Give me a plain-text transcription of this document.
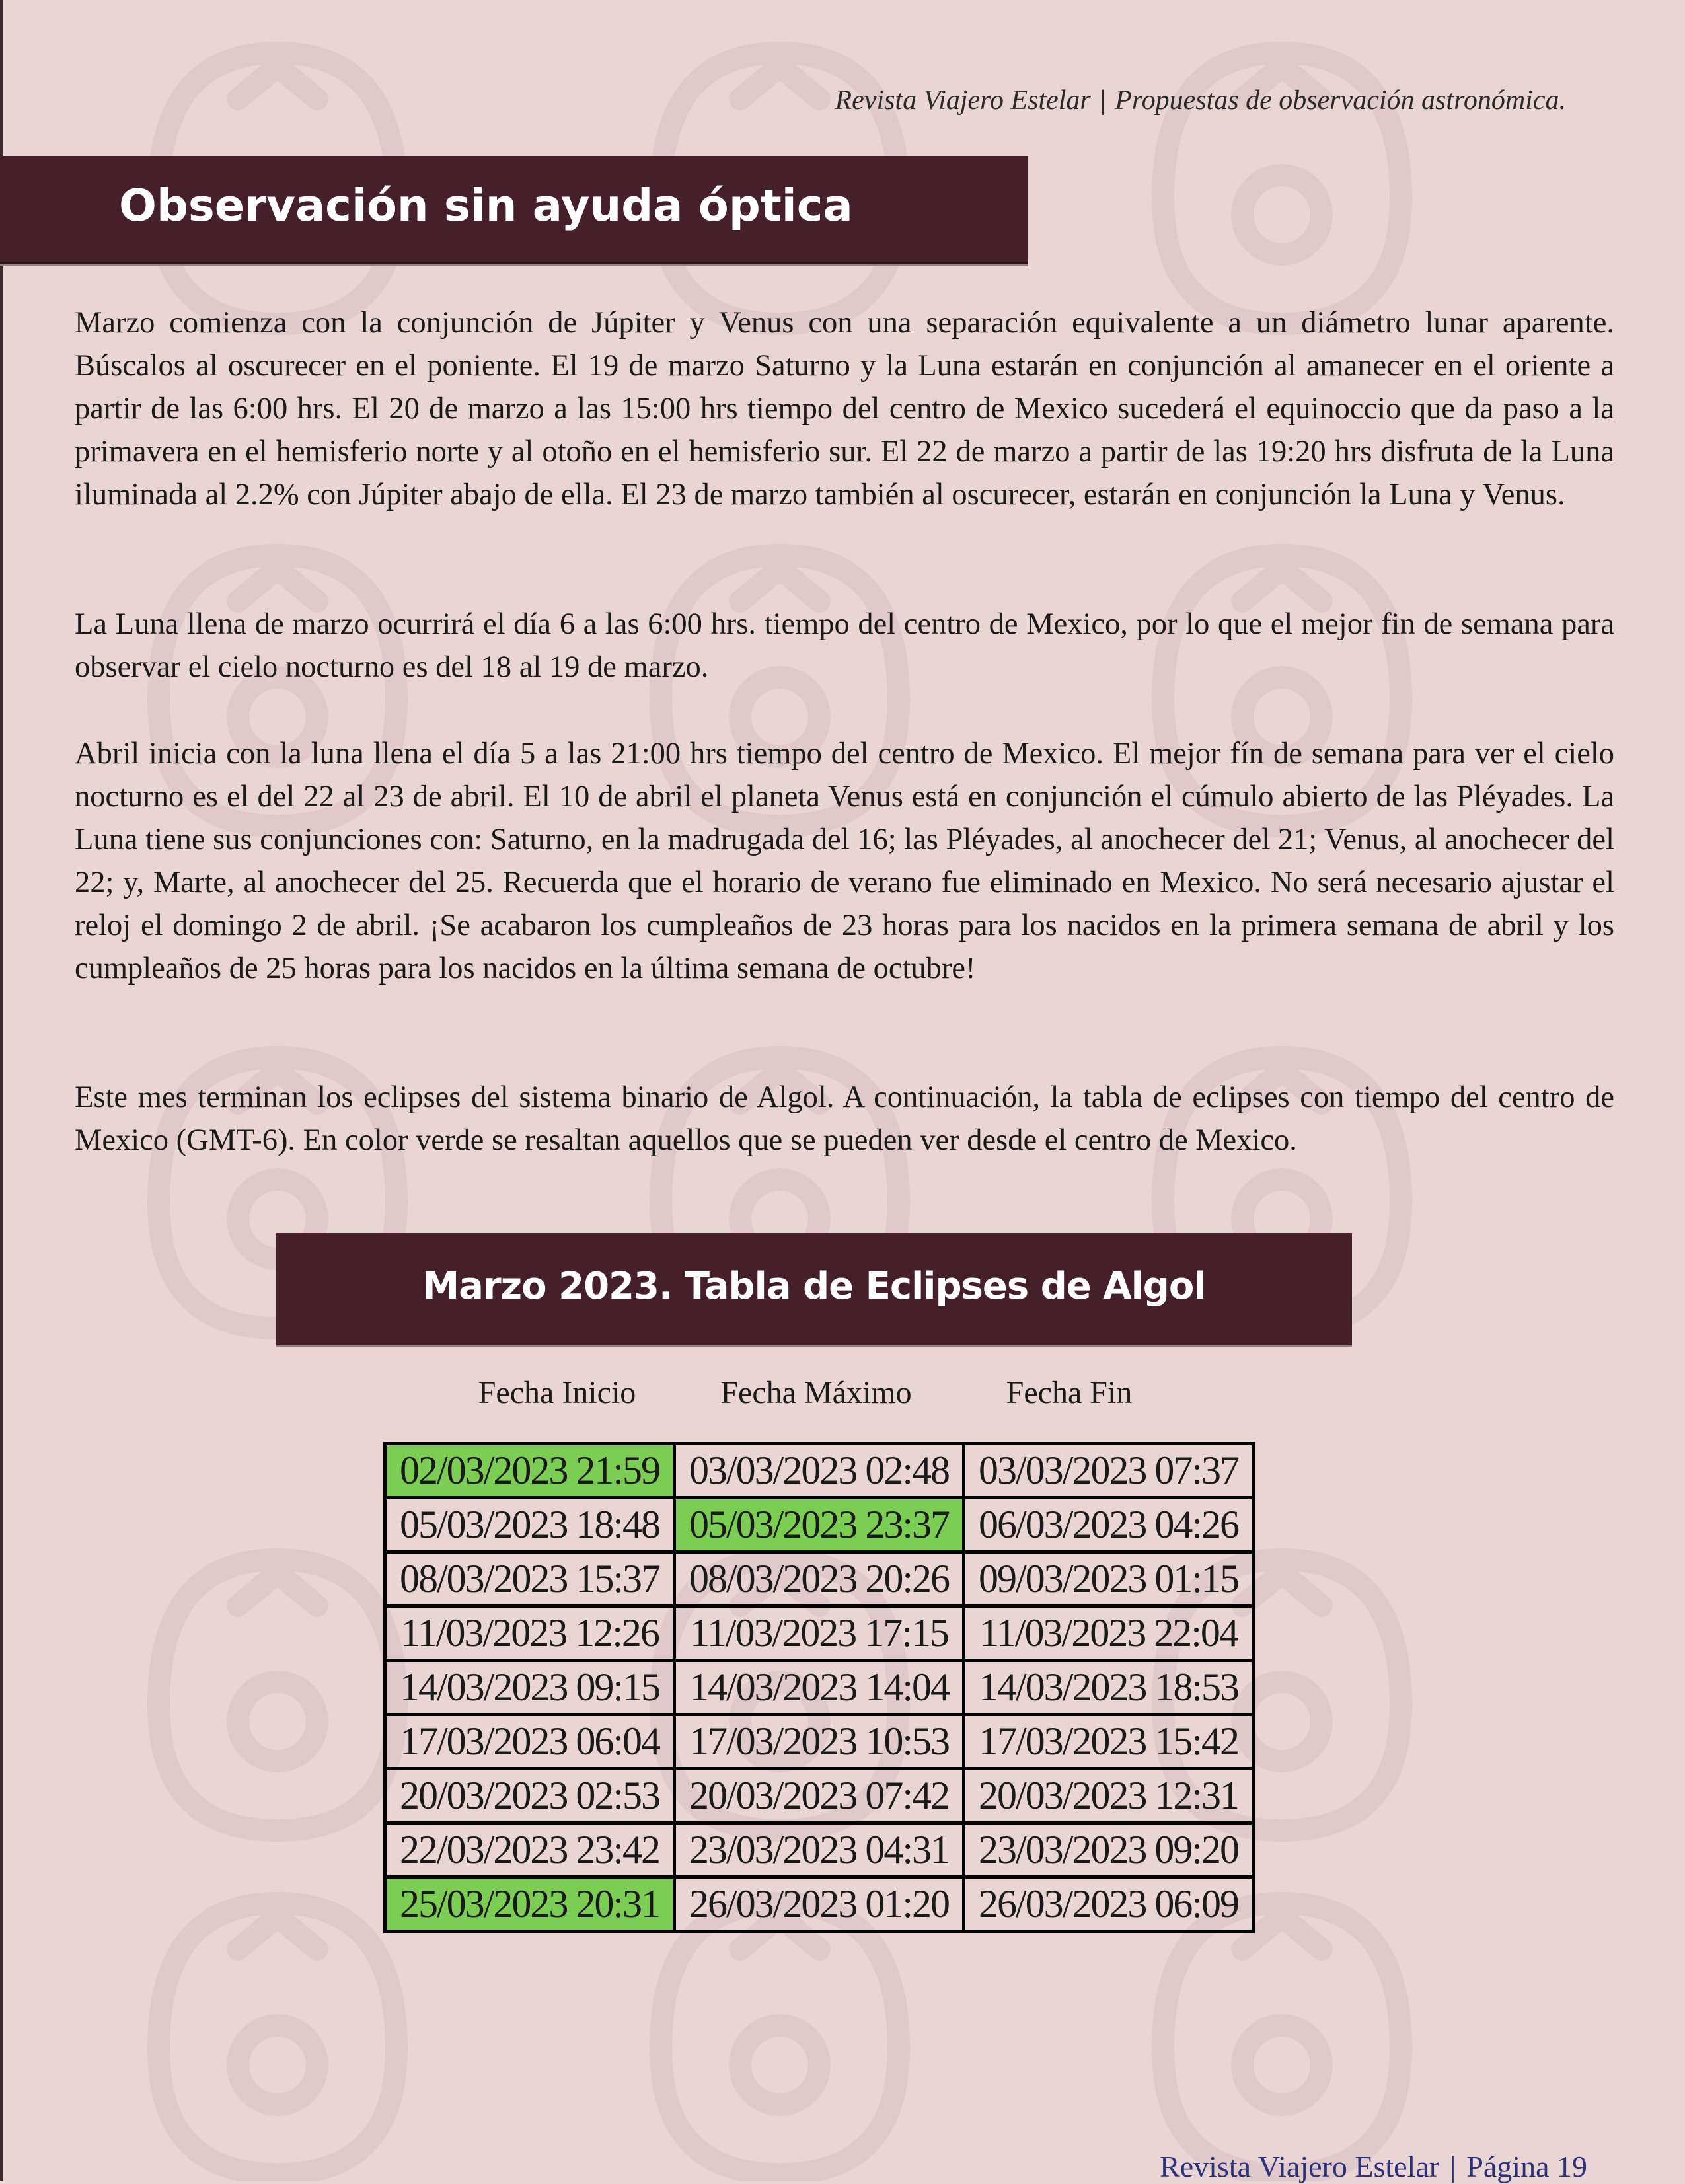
Revista Viajero Estelar | Propuestas de observación astronómica.
Observación sin ayuda óptica

Marzo comienza con la conjunción de Júpiter y Venus con una separación equivalente a un diámetro lunar aparente. Búscalos al oscurecer en el poniente. El 19 de marzo Saturno y la Luna estarán en conjunción al amanecer en el oriente a partir de las 6:00 hrs. El 20 de marzo a las 15:00 hrs tiempo del centro de Mexico sucederá el equinoccio que da paso a la primavera en el hemisferio norte y al otoño en el hemisferio sur. El 22 de marzo a partir de las 19:20 hrs disfruta de la Luna iluminada al 2.2% con Júpiter abajo de ella. El 23 de marzo también al oscurecer, estarán en conjunción la Luna y Venus.

La Luna llena de marzo ocurrirá el día 6 a las 6:00 hrs. tiempo del centro de Mexico, por lo que el mejor fin de semana para observar el cielo nocturno es del 18 al 19 de marzo.

Abril inicia con la luna llena el día 5 a las 21:00 hrs tiempo del centro de Mexico. El mejor fín de semana para ver el cielo nocturno es el del 22 al 23 de abril. El 10 de abril el planeta Venus está en conjunción el cúmulo abierto de las Pléyades. La Luna tiene sus conjunciones con: Saturno, en la madrugada del 16; las Pléyades, al anochecer del 21; Venus, al anochecer del 22; y, Marte, al anochecer del 25. Recuerda que el horario de verano fue eliminado en Mexico. No será necesario ajustar el reloj el domingo 2 de abril. ¡Se acabaron los cumpleaños de 23 horas para los nacidos en la primera semana de abril y los cumpleaños de 25 horas para los nacidos en la última semana de octubre!

Este mes terminan los eclipses del sistema binario de Algol. A continuación, la tabla de eclipses con tiempo del centro de Mexico (GMT-6). En color verde se resaltan aquellos que se pueden ver desde el centro de Mexico.

Marzo 2023. Tabla de Eclipses de Algol
Fecha Inicio	Fecha Máximo	Fecha Fin
02/03/2023 21:59	03/03/2023 02:48	03/03/2023 07:37
05/03/2023 18:48	05/03/2023 23:37	06/03/2023 04:26
08/03/2023 15:37	08/03/2023 20:26	09/03/2023 01:15
11/03/2023 12:26	11/03/2023 17:15	11/03/2023 22:04
14/03/2023 09:15	14/03/2023 14:04	14/03/2023 18:53
17/03/2023 06:04	17/03/2023 10:53	17/03/2023 15:42
20/03/2023 02:53	20/03/2023 07:42	20/03/2023 12:31
22/03/2023 23:42	23/03/2023 04:31	23/03/2023 09:20
25/03/2023 20:31	26/03/2023 01:20	26/03/2023 06:09
Revista Viajero Estelar | Página 19
